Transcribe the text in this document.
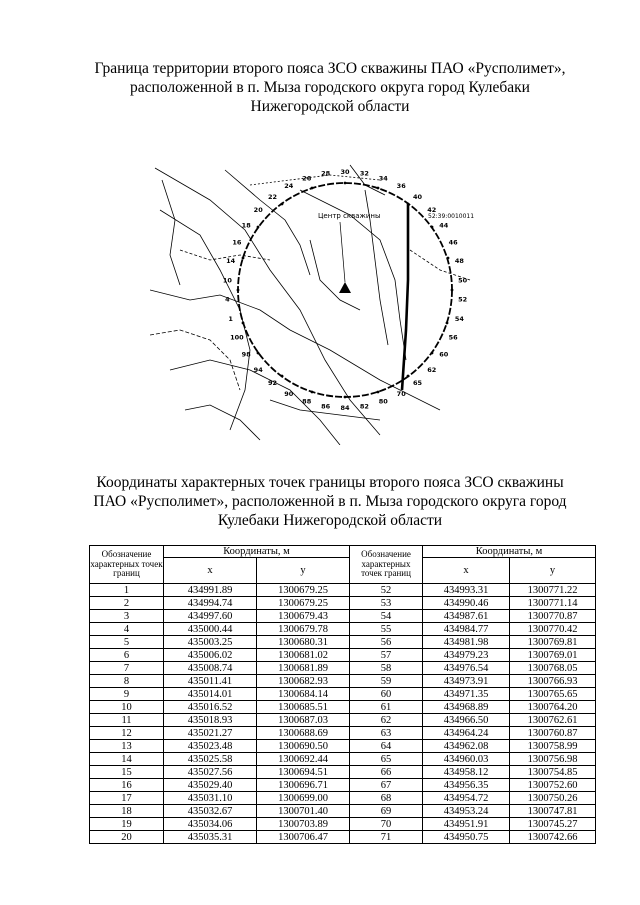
Граница территории второго пояса ЗСО скважины ПАО «Русполимет», расположенной в п. Мыза городского округа город Кулебаки Нижегородской области
Центр скважины	52:39:0010011
30 32
34
36
40
42
44
46
48
50
52
54
56
60
62
65
70
80
82
84
86
88
90
92
94
98
100
1
4
10
14
16
18
20
22
24
26
28
Координаты характерных точек границы второго пояса ЗСО скважины ПАО «Русполимет», расположенной в п. Мыза городского округа город Кулебаки Нижегородской области
Обозначение характерных точек границ	Координаты, м		Обозначение характерных точек границ	Координаты, м	
	x	y		x	y
1	434991.89	1300679.25	52	434993.31	1300771.22
2	434994.74	1300679.25	53	434990.46	1300771.14
3	434997.60	1300679.43	54	434987.61	1300770.87
4	435000.44	1300679.78	55	434984.77	1300770.42
5	435003.25	1300680.31	56	434981.98	1300769.81
6	435006.02	1300681.02	57	434979.23	1300769.01
7	435008.74	1300681.89	58	434976.54	1300768.05
8	435011.41	1300682.93	59	434973.91	1300766.93
9	435014.01	1300684.14	60	434971.35	1300765.65
10	435016.52	1300685.51	61	434968.89	1300764.20
11	435018.93	1300687.03	62	434966.50	1300762.61
12	435021.27	1300688.69	63	434964.24	1300760.87
13	435023.48	1300690.50	64	434962.08	1300758.99
14	435025.58	1300692.44	65	434960.03	1300756.98
15	435027.56	1300694.51	66	434958.12	1300754.85
16	435029.40	1300696.71	67	434956.35	1300752.60
17	435031.10	1300699.00	68	434954.72	1300750.26
18	435032.67	1300701.40	69	434953.24	1300747.81
19	435034.06	1300703.89	70	434951.91	1300745.27
20	435035.31	1300706.47	71	434950.75	1300742.66
